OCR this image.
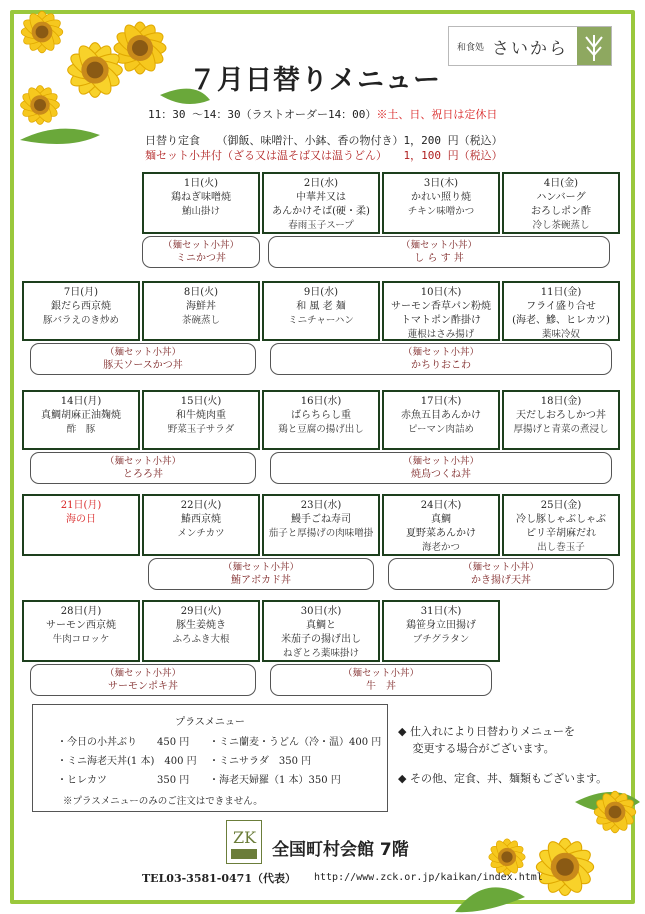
和食処 さいから
７月日替りメニュー
11：30 〜14：30（ラストオーダー14：00）※土、日、祝日は定休日
日替り定食　　（御飯、味噌汁、小鉢、香の物付き）1，200 円（税込）
麺セット小丼付（ざる又は温そば又は温うどん）　　1，100 円（税込）
1日(火)
鶏ねぎ味噌焼
鮪山掛け
2日(水)
中華丼又は
あんかけそば(硬・柔)
春雨玉子スープ
3日(木)
かれい照り焼
チキン味噌かつ
4日(金)
ハンバーグ
おろしポン酢
冷し茶碗蒸し
（麺セット小丼）
ミニかつ丼
（麺セット小丼）
し ら す 丼
7日(月)
銀だら西京焼
豚バラえのき炒め
8日(火)
海鮮丼
茶碗蒸し
9日(水)
和 風 老 麺
ミニチャーハン
10日(木)
サーモン香草パン粉焼
トマトポン酢掛け
蓮根はさみ揚げ
11日(金)
フライ盛り合せ
(海老、鰺、ヒレカツ)
薬味冷奴
（麺セット小丼）
豚天ソースかつ丼
（麺セット小丼）
かちりおこわ
14日(月)
真鯛胡麻正油麹焼
酢　豚
15日(火)
和牛焼肉重
野菜玉子サラダ
16日(水)
ばらちらし重
鶏と豆腐の揚げ出し
17日(木)
赤魚五目あんかけ
ピーマン肉詰め
18日(金)
天だしおろしかつ丼
厚揚げと青菜の煮浸し
（麺セット小丼）
とろろ丼
（麺セット小丼）
焼鳥つくね丼
21日(月)
海の日
22日(火)
鰆西京焼
メンチカツ
23日(水)
鰻手ごね寿司
茄子と厚揚げの肉味噌掛
24日(木)
真鯛
夏野菜あんかけ
海老かつ
25日(金)
冷し豚しゃぶしゃぶ
ピリ辛胡麻だれ
出し巻玉子
（麺セット小丼）
鮪アボカド丼
（麺セット小丼）
かき揚げ天丼
28日(月)
サーモン西京焼
牛肉コロッケ
29日(火)
豚生姜焼き
ふろふき大根
30日(水)
真鯛と
米茄子の揚げ出し
ねぎとろ薬味掛け
31日(木)
鶏笹身立田揚げ
ブチグラタン
（麺セット小丼）
サーモンポキ丼
（麺セット小丼）
牛　丼
プラスメニュー
・今日の小丼ぶり　　450 円 ・ミニ蘭麦・うどん（冷・温）400 円
・ミニ海老天丼(1 本)　400 円 ・ミニサラダ　350 円
・ヒレカツ　　　　　350 円 ・海老天婦羅（1 本）350 円
※プラスメニューのみのご注文はできません。
◆ 仕入れにより日替わりメニューを
　 変更する場合がございます。
◆ その他、定食、丼、麺類もございます。
ZK
全国町村会館 7階
TEL03-3581-0471（代表） http://www.zck.or.jp/kaikan/index.html
